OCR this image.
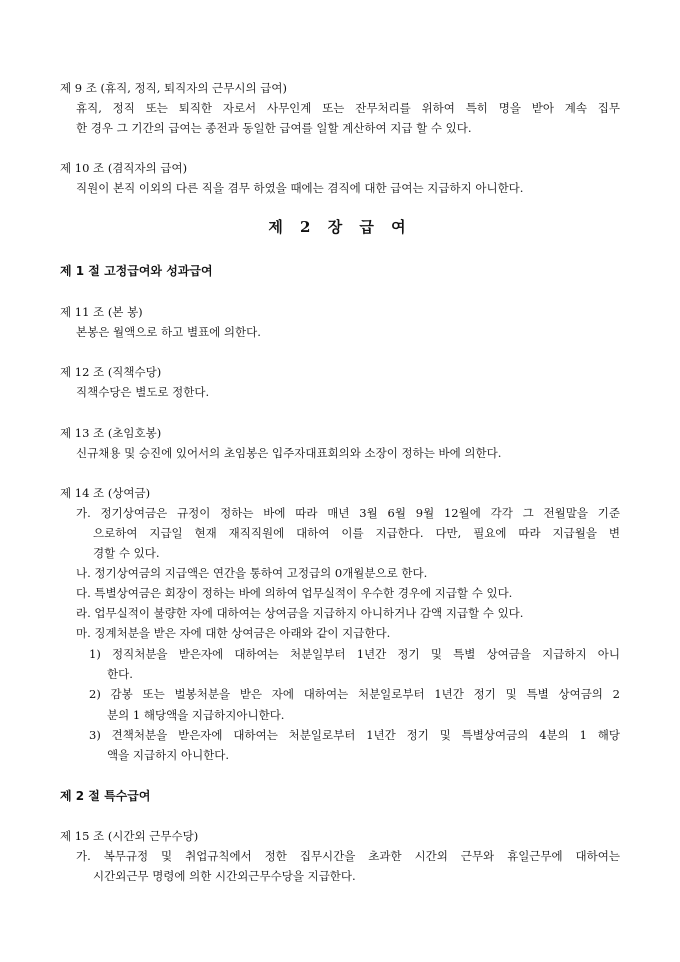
제 9 조 (휴직, 정직, 퇴직자의 근무시의 급여)
휴직, 정직 또는 퇴직한 자로서 사무인계 또는 잔무처리를 위하여 특히 명을 받아 계속 집무
한 경우 그 기간의 급여는 종전과 동일한 급여를 일할 계산하여 지급 할 수 있다.
제 10 조 (겸직자의 급여)
직원이 본직 이외의 다른 직을 겸무 하였을 때에는 겸직에 대한 급여는 지급하지 아니한다.
제 2 장 급 여
제 1 절 고정급여와 성과급여
제 11 조 (본 봉)
본봉은 월액으로 하고 별표에 의한다.
제 12 조 (직책수당)
직책수당은 별도로 정한다.
제 13 조 (초임호봉)
신규채용 및 승진에 있어서의 초임봉은 입주자대표회의와 소장이 정하는 바에 의한다.
제 14 조 (상여금)
가. 정기상여금은 규정이 정하는 바에 따라 매년 3월 6월 9월 12월에 각각 그 전월말을 기준
으로하여 지급일 현재 재직직원에 대하여 이를 지급한다. 다만, 필요에 따라 지급월을 변
경할 수 있다.
나. 정기상여금의 지급액은 연간을 통하여 고정급의 0개월분으로 한다.
다. 특별상여금은 회장이 정하는 바에 의하여 업무실적이 우수한 경우에 지급할 수 있다.
라. 업무실적이 불량한 자에 대하여는 상여금을 지급하지 아니하거나 감액 지급할 수 있다.
마. 징계처분을 받은 자에 대한 상여금은 아래와 같이 지급한다.
1) 정직처분을 받은자에 대하여는 처분일부터 1년간 정기 및 특별 상여금을 지급하지 아니
한다.
2) 감봉 또는 벌봉처분을 받은 자에 대하여는 처분일로부터 1년간 정기 및 특별 상여금의 2
분의 1 해당액을 지급하지아니한다.
3) 견책처분을 받은자에 대하여는 처분일로부터 1년간 정기 및 특별상여금의 4분의 1 해당
액을 지급하지 아니한다.
제 2 절 특수급여
제 15 조 (시간외 근무수당)
가. 복무규정 및 취업규칙에서 정한 집무시간을 초과한 시간외 근무와 휴일근무에 대하여는
시간외근무 명령에 의한 시간외근무수당을 지급한다.
